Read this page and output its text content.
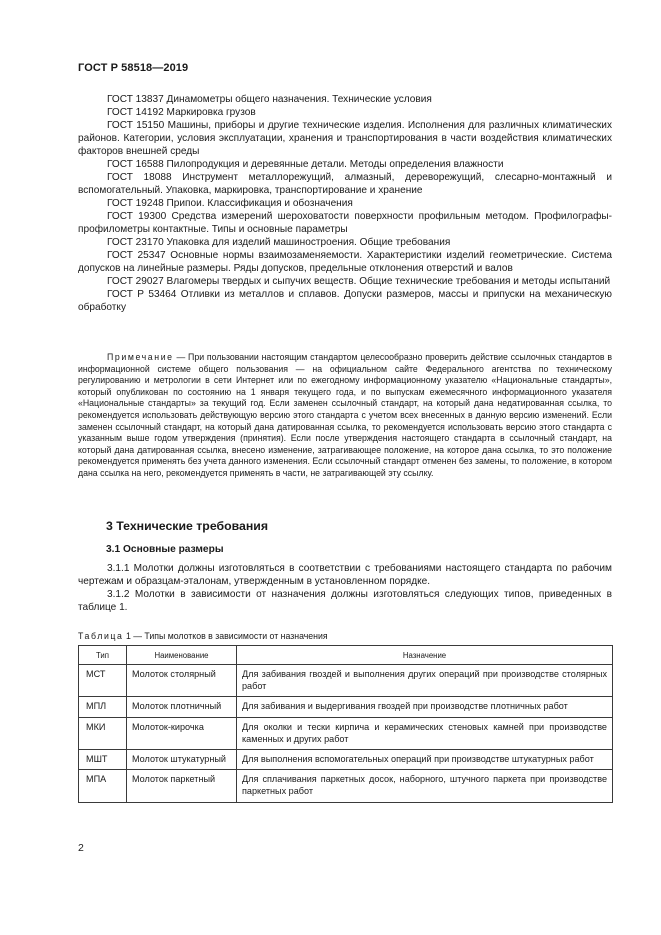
ГОСТ Р 58518—2019

ГОСТ 13837 Динамометры общего назначения. Технические условия

ГОСТ 14192 Маркировка грузов

ГОСТ 15150 Машины, приборы и другие технические изделия. Исполнения для различных климатических районов. Категории, условия эксплуатации, хранения и транспортирования в части воздействия климатических факторов внешней среды

ГОСТ 16588 Пилопродукция и деревянные детали. Методы определения влажности

ГОСТ 18088 Инструмент металлорежущий, алмазный, дереворежущий, слесарно-монтажный и вспомогательный. Упаковка, маркировка, транспортирование и хранение

ГОСТ 19248 Припои. Классификация и обозначения

ГОСТ 19300 Средства измерений шероховатости поверхности профильным методом. Профилографы-профилометры контактные. Типы и основные параметры

ГОСТ 23170 Упаковка для изделий машиностроения. Общие требования

ГОСТ 25347 Основные нормы взаимозаменяемости. Характеристики изделий геометрические. Система допусков на линейные размеры. Ряды допусков, предельные отклонения отверстий и валов

ГОСТ 29027 Влагомеры твердых и сыпучих веществ. Общие технические требования и методы испытаний

ГОСТ Р 53464 Отливки из металлов и сплавов. Допуски размеров, массы и припуски на механическую обработку

Примечание — При пользовании настоящим стандартом целесообразно проверить действие ссылочных стандартов в информационной системе общего пользования — на официальном сайте Федерального агентства по техническому регулированию и метрологии в сети Интернет или по ежегодному информационному указателю «Национальные стандарты», который опубликован по состоянию на 1 января текущего года, и по выпускам ежемесячного информационного указателя «Национальные стандарты» за текущий год. Если заменен ссылочный стандарт, на который дана недатированная ссылка, то рекомендуется использовать действующую версию этого стандарта с учетом всех внесенных в данную версию изменений. Если заменен ссылочный стандарт, на который дана датированная ссылка, то рекомендуется использовать версию этого стандарта с указанным выше годом утверждения (принятия). Если после утверждения настоящего стандарта в ссылочный стандарт, на который дана датированная ссылка, внесено изменение, затрагивающее положение, на которое дана ссылка, то это положение рекомендуется применять без учета данного изменения. Если ссылочный стандарт отменен без замены, то положение, в котором дана ссылка на него, рекомендуется применять в части, не затрагивающей эту ссылку.

3 Технические требования
3.1 Основные размеры

3.1.1 Молотки должны изготовляться в соответствии с требованиями настоящего стандарта по рабочим чертежам и образцам-эталонам, утвержденным в установленном порядке.

3.1.2 Молотки в зависимости от назначения должны изготовляться следующих типов, приведенных в таблице 1.

Таблица 1 — Типы молотков в зависимости от назначения
Тип	Наименование	Назначение
МСТ	Молоток столярный	Для забивания гвоздей и выполнения других операций при производстве столярных работ
МПЛ	Молоток плотничный	Для забивания и выдергивания гвоздей при производстве плотничных работ
МКИ	Молоток-кирочка	Для околки и тески кирпича и керамических стеновых камней при производстве каменных и других работ
МШТ	Молоток штукатурный	Для выполнения вспомогательных операций при производстве штукатурных работ
МПА	Молоток паркетный	Для сплачивания паркетных досок, наборного, штучного паркета при производстве паркетных работ
2
